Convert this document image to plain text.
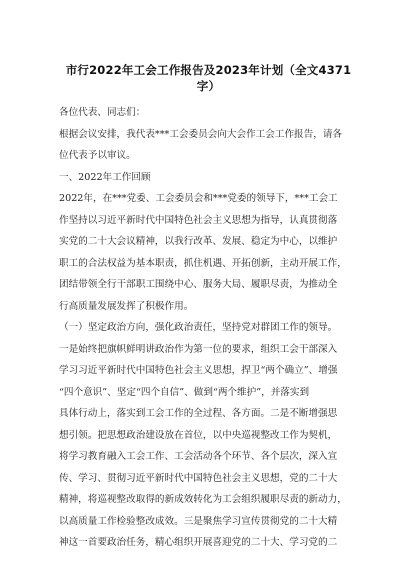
市行2022年工会工作报告及2023年计划（全文4371字）
各位代表、同志们：
根据会议安排，我代表***工会委员会向大会作工会工作报告，请各
位代表予以审议。
一、2022年工作回顾
2022年，在***党委、工会委员会和***党委的领导下，***工会工
作坚持以习近平新时代中国特色社会主义思想为指导，认真贯彻落
实党的二十大会议精神，以我行改革、发展、稳定为中心，以维护
职工的合法权益为基本职责，抓住机遇、开拓创新，主动开展工作，
团结带领全行干部职工围绕中心、服务大局、履职尽责，为推动全
行高质量发展发挥了积极作用。
（一）坚定政治方向，强化政治责任，坚持党对群团工作的领导。
一是始终把旗帜鲜明讲政治作为第一位的要求，组织工会干部深入
学习习近平新时代中国特色社会主义思想，捍卫“两个确立”、增强
“四个意识”、坚定“四个自信”、做到“两个维护”，并落实到
具体行动上，落实到工会工作的全过程、各方面。二是不断增强思
想引领。把思想政治建设放在首位，以中央巡视整改工作为契机，
将学习教育融入工会工作、工会活动各个环节、各个层次，深入宣
传、学习、贯彻习近平新时代中国特色社会主义思想，党的二十大
精神，将巡视整改取得的新成效转化为工会组织履职尽责的新动力，
以高质量工作检验整改成效。三是聚焦学习宣传贯彻党的二十大精
神这一首要政治任务，精心组织开展喜迎党的二十大、学习党的二
